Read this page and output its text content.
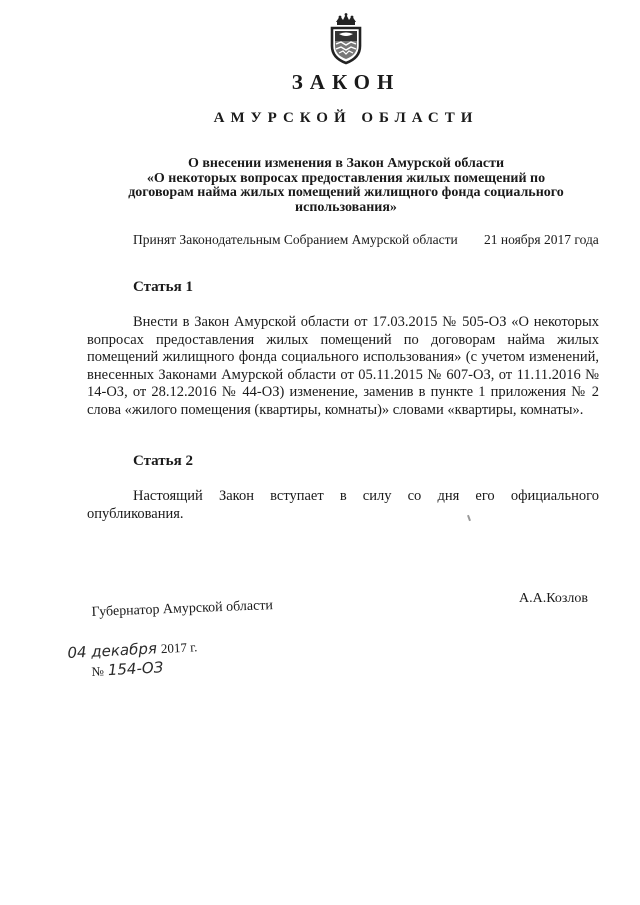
ЗАКОН
АМУРСКОЙ ОБЛАСТИ
О внесении изменения в Закон Амурской области
«О некоторых вопросах предоставления жилых помещений по
договорам найма жилых помещений жилищного фонда социального
использования»
Принят Законодательным Собранием Амурской области 21 ноября 2017 года
Статья 1
Внести в Закон Амурской области от 17.03.2015 № 505-ОЗ «О некоторых вопросах предоставления жилых помещений по договорам найма жилых помещений жилищного фонда социального использования» (с учетом изменений, внесенных Законами Амурской области от 05.11.2015 № 607-ОЗ, от 11.11.2016 № 14-ОЗ, от 28.12.2016 № 44-ОЗ) изменение, заменив в пункте 1 приложения № 2 слова «жилого помещения (квартиры, комнаты)» словами «квартиры, комнаты».
Статья 2
Настоящий Закон вступает в силу со дня его официального опубликования.
А.А.Козлов
Губернатор Амурской области
04 декабря 2017 г.
№ 154-ОЗ
